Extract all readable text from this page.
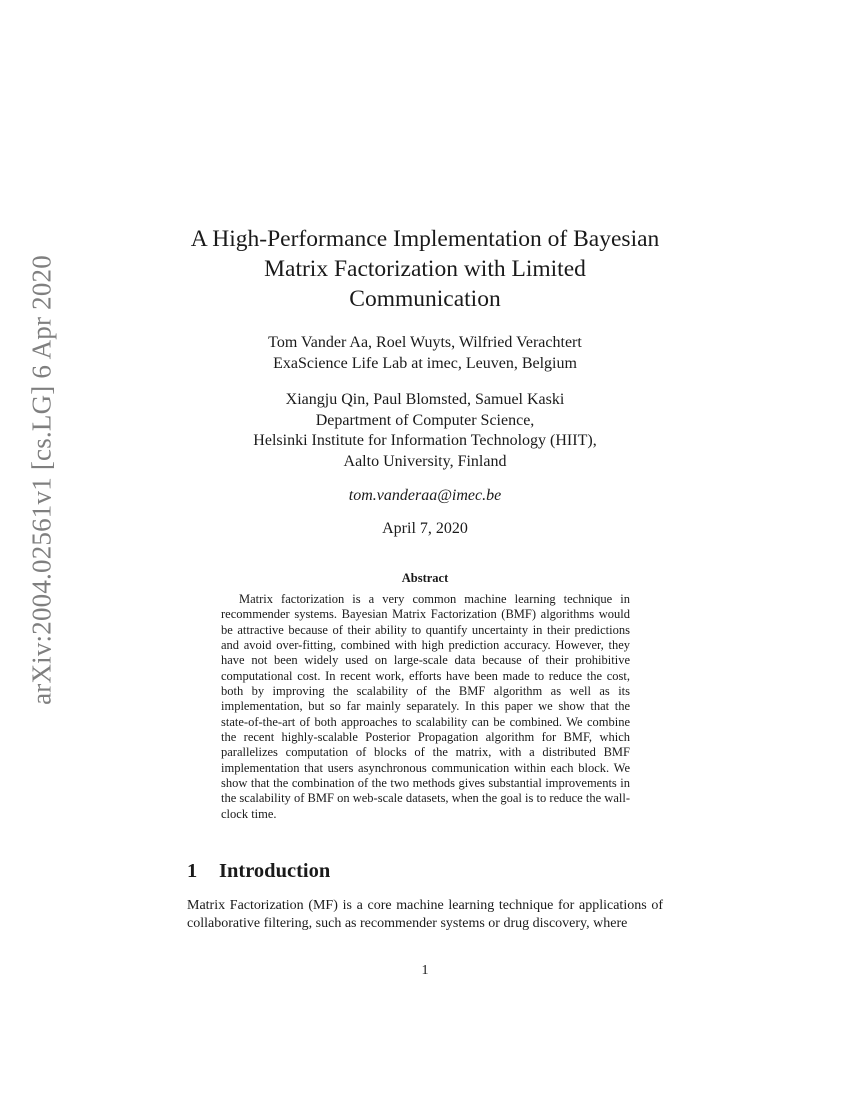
arXiv:2004.02561v1 [cs.LG] 6 Apr 2020
A High-Performance Implementation of Bayesian
Matrix Factorization with Limited
Communication
Tom Vander Aa, Roel Wuyts, Wilfried Verachtert
ExaScience Life Lab at imec, Leuven, Belgium
Xiangju Qin, Paul Blomsted, Samuel Kaski
Department of Computer Science,
Helsinki Institute for Information Technology (HIIT),
Aalto University, Finland
tom.vanderaa@imec.be
April 7, 2020
Abstract

Matrix factorization is a very common machine learning technique in recommender systems. Bayesian Matrix Factorization (BMF) algorithms would be attractive because of their ability to quantify uncertainty in their predictions and avoid over-fitting, combined with high prediction accuracy. However, they have not been widely used on large-scale data because of their prohibitive computational cost. In recent work, efforts have been made to reduce the cost, both by improving the scalability of the BMF algorithm as well as its implementation, but so far mainly separately. In this paper we show that the state-of-the-art of both approaches to scalability can be combined. We combine the recent highly-scalable Posterior Propagation algorithm for BMF, which parallelizes computation of blocks of the matrix, with a distributed BMF implementation that users asynchronous communication within each block. We show that the combination of the two methods gives substantial improvements in the scalability of BMF on web-scale datasets, when the goal is to reduce the wall-clock time.

1 Introduction

Matrix Factorization (MF) is a core machine learning technique for applications of collaborative filtering, such as recommender systems or drug discovery, where

1
